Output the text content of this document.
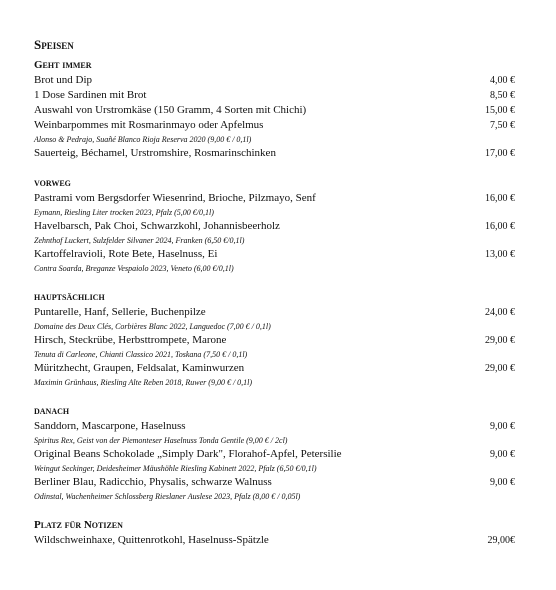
Speisen
Geht immer
Brot und Dip	4,00 €
1 Dose Sardinen mit Brot	8,50 €
Auswahl von Urstromkäse (150 Gramm, 4 Sorten mit Chichi)	15,00 €
Weinbarpommes mit Rosmarinmayo oder Apfelmus	7,50 €
Alonso & Pedrajo, Suañé Blanco Rioja Reserva 2020 (9,00 € / 0,1l)
Sauerteig, Béchamel, Urstromshire, Rosmarinschinken	17,00 €
vorweg
Pastrami vom Bergsdorfer Wiesenrind, Brioche, Pilzmayo, Senf	16,00 €
Eymann, Riesling Liter trocken 2023, Pfalz (5,00 €/0,1l)
Havelbarsch, Pak Choi, Schwarzkohl, Johannisbeerholz	16,00 €
Zehnthof Luckert, Sulzfelder Silvaner 2024, Franken (6,50 €/0,1l)
Kartoffelravioli, Rote Bete, Haselnuss, Ei	13,00 €
Contra Soarda, Breganze Vespaiolo 2023, Veneto (6,00 €/0,1l)
hauptsächlich
Puntarelle, Hanf, Sellerie, Buchenpilze	24,00 €
Domaine des Deux Clés, Corbières Blanc 2022, Languedoc (7,00 € / 0,1l)
Hirsch, Steckrübe, Herbsttrompete, Marone	29,00 €
Tenuta di Carleone, Chianti Classico 2021, Toskana (7,50 € / 0,1l)
Müritzhecht, Graupen, Feldsalat, Kaminwurzen	29,00 €
Maximin Grünhaus, Riesling Alte Reben 2018, Ruwer (9,00 € / 0,1l)
danach
Sanddorn, Mascarpone, Haselnuss	9,00 €
Spiritus Rex, Geist von der Piemonteser Haselnuss Tonda Gentile (9,00 € / 2cl)
Original Beans Schokolade „Simply Dark", Florahof-Apfel, Petersilie	9,00 €
Weingut Seckinger, Deidesheimer Mäushöhle Riesling Kabinett 2022, Pfalz (6,50 €/0,1l)
Berliner Blau, Radicchio, Physalis, schwarze Walnuss	9,00 €
Odinstal, Wachenheimer Schlossberg Rieslaner Auslese 2023, Pfalz (8,00 € / 0,05l)
Platz für Notizen
Wildschweinhaxe, Quittenrotkohl, Haselnuss-Spätzle	29,00€
